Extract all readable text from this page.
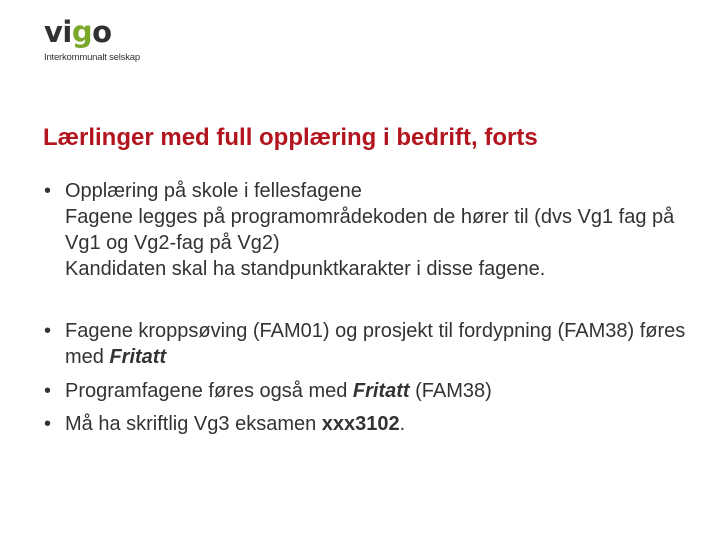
vigo
Interkommunalt selskap
Lærlinger med full opplæring i bedrift, forts
• Opplæring på skole i fellesfagene
Fagene legges på programområdekoden de hører til (dvs Vg1 fag på Vg1 og Vg2-fag på Vg2)
Kandidaten skal ha standpunktkarakter i disse fagene.
• Fagene kroppsøving (FAM01) og prosjekt til fordypning (FAM38) føres med Fritatt
• Programfagene føres også med Fritatt (FAM38)
• Må ha skriftlig Vg3 eksamen xxx3102.
